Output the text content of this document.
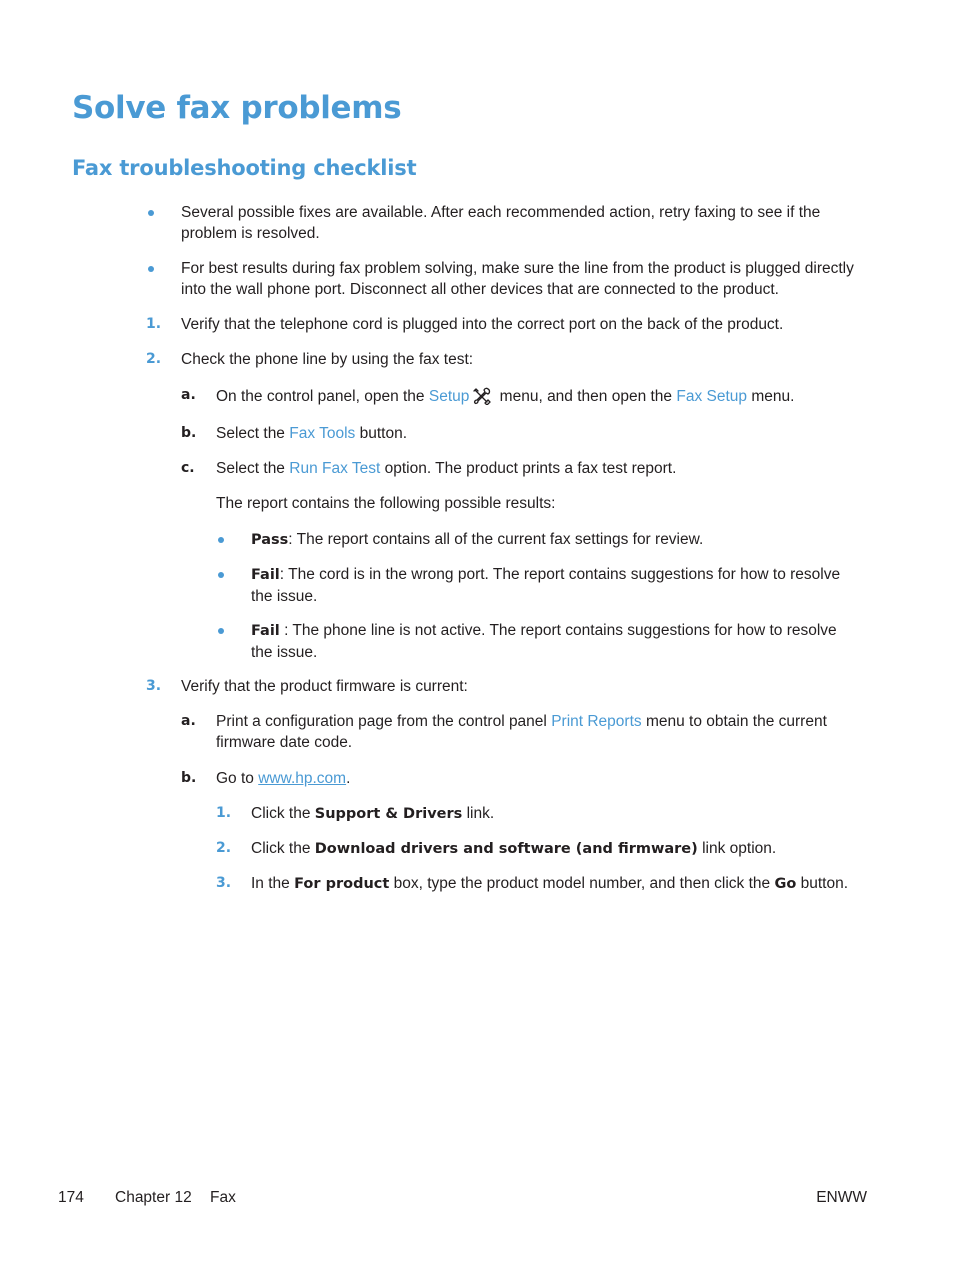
Solve fax problems
Fax troubleshooting checklist
Several possible fixes are available. After each recommended action, retry faxing to see if the
problem is resolved.
For best results during fax problem solving, make sure the line from the product is plugged directly
into the wall phone port. Disconnect all other devices that are connected to the product.
1. Verify that the telephone cord is plugged into the correct port on the back of the product.
2. Check the phone line by using the fax test:
a. On the control panel, open the Setup menu, and then open the Fax Setup menu.
b. Select the Fax Tools button.
c. Select the Run Fax Test option. The product prints a fax test report.
The report contains the following possible results:
Pass: The report contains all of the current fax settings for review.
Fail: The cord is in the wrong port. The report contains suggestions for how to resolve
the issue.
Fail : The phone line is not active. The report contains suggestions for how to resolve
the issue.
3. Verify that the product firmware is current:
a. Print a configuration page from the control panel Print Reports menu to obtain the current
firmware date code.
b. Go to www.hp.com.
1. Click the Support & Drivers link.
2. Click the Download drivers and software (and firmware) link option.
3. In the For product box, type the product model number, and then click the Go button.
174 Chapter 12 Fax	ENWW
